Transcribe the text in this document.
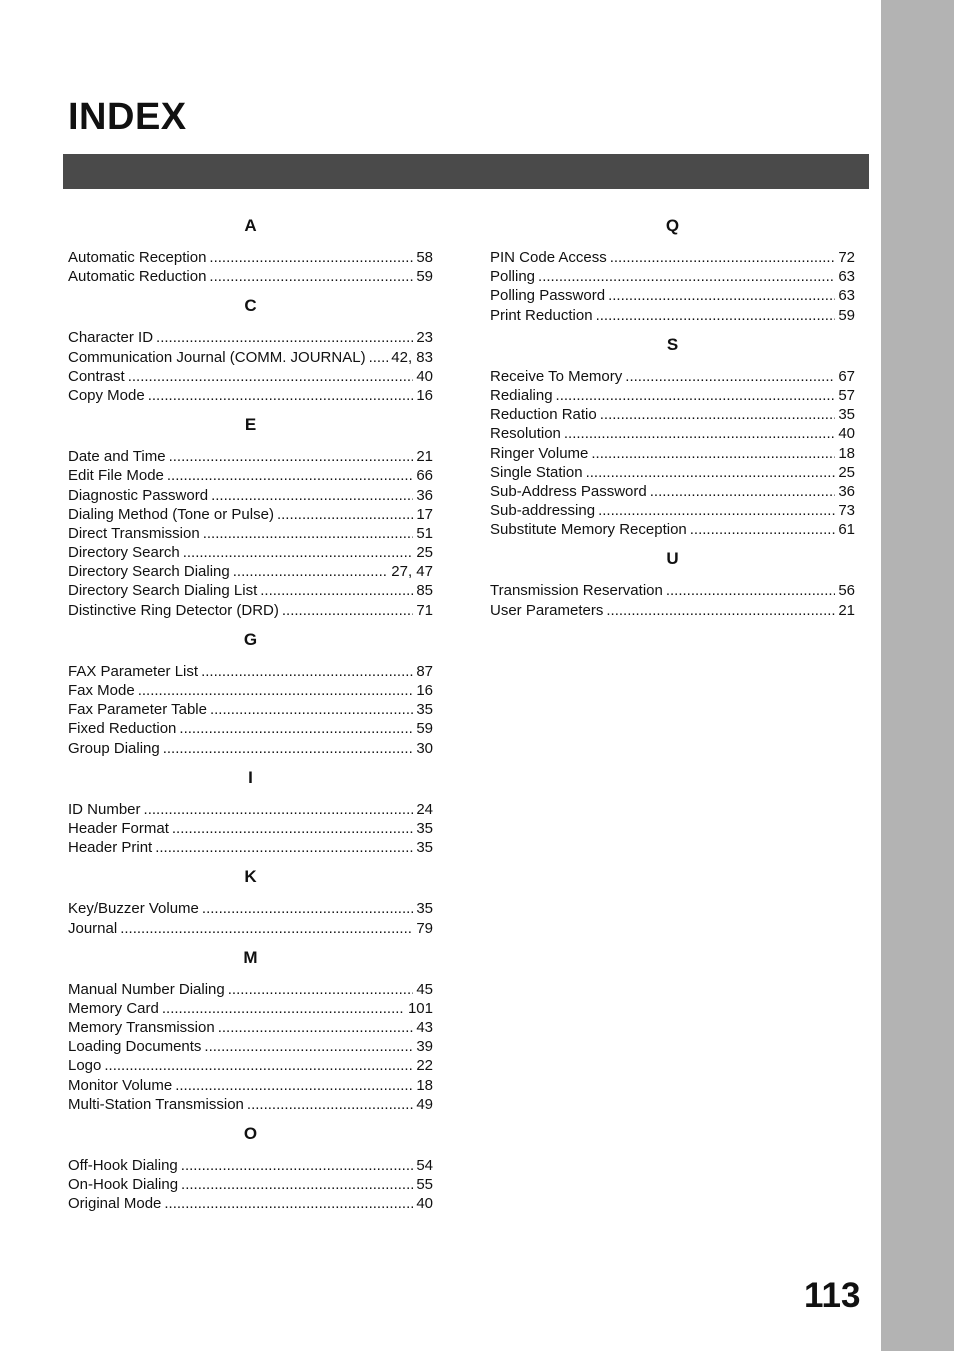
INDEX
A
Automatic Reception .....	58
Automatic Reduction .....	59
C
Character ID .....	23
Communication Journal (COMM. JOURNAL) ..... 42, 83
Contrast .....	40
Copy Mode .....	16
E
Date and Time .....	21
Edit File Mode .....	66
Diagnostic Password .....	36
Dialing Method (Tone or Pulse) .....	17
Direct Transmission .....	51
Directory Search .....	25
Directory Search Dialing .....	27, 47
Directory Search Dialing List .....	85
Distinctive Ring Detector (DRD) .....	71
G
FAX Parameter List .....	87
Fax Mode .....	16
Fax Parameter Table .....	35
Fixed Reduction .....	59
Group Dialing .....	30
I
ID Number .....	24
Header Format .....	35
Header Print .....	35
K
Key/Buzzer Volume .....	35
Journal .....	79
M
Manual Number Dialing .....	45
Memory Card .....	101
Memory Transmission .....	43
Loading Documents .....	39
Logo .....	22
Monitor Volume .....	18
Multi-Station Transmission .....	49
O
Off-Hook Dialing .....	54
On-Hook Dialing .....	55
Original Mode .....	40
Q
PIN Code Access .....	72
Polling .....	63
Polling Password .....	63
Print Reduction .....	59
S
Receive To Memory .....	67
Redialing .....	57
Reduction Ratio .....	35
Resolution .....	40
Ringer Volume .....	18
Single Station .....	25
Sub-Address Password .....	36
Sub-addressing .....	73
Substitute Memory Reception .....	61
U
Transmission Reservation .....	56
User Parameters .....	21
113
